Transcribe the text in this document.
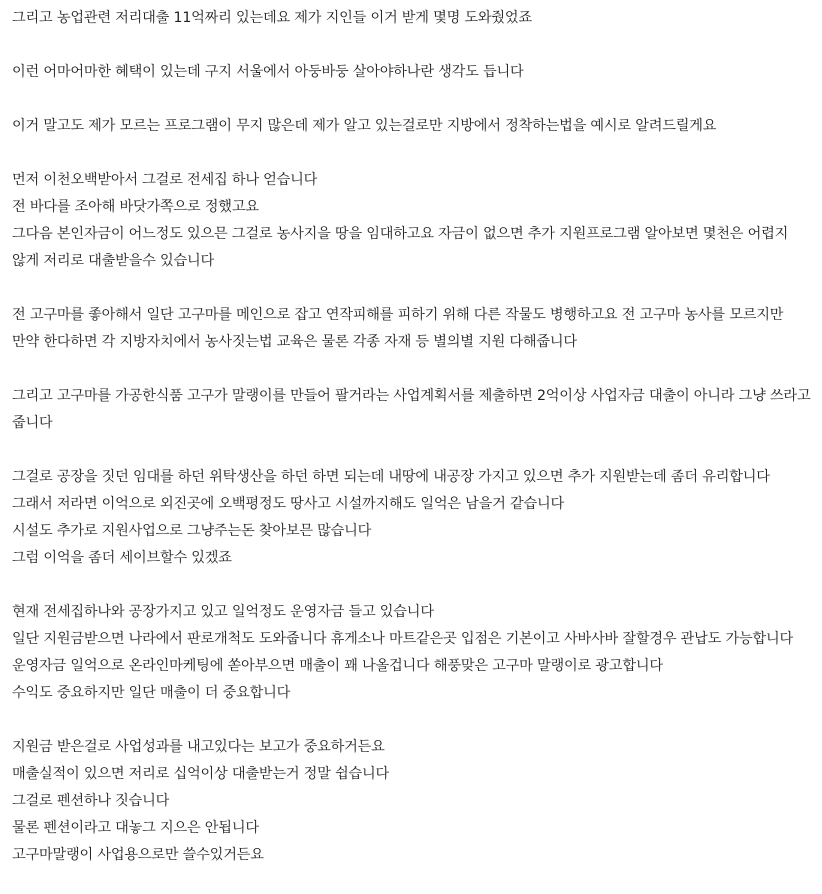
그리고 농업관련 저리대출 11억짜리 있는데요 제가 지인들 이거 받게 몇명 도와줬었죠

이런 어마어마한 혜택이 있는데 구지 서울에서 아둥바둥 살아야하나란 생각도 듭니다

이거 말고도 제가 모르는 프로그램이 무지 많은데 제가 알고 있는걸로만 지방에서 정착하는법을 예시로 알려드릴게요

먼저 이천오백받아서 그걸로 전세집 하나 얻습니다

전 바다를 조아해 바닷가쪽으로 정했고요

그다음 본인자금이 어느정도 있으믄 그걸로 농사지을 땅을 임대하고요 자금이 없으면 추가 지원프로그램 알아보면 몇천은 어렵지 않게 저리로 대출받을수 있습니다

전 고구마를 좋아해서 일단 고구마를 메인으로 잡고 연작피해를 피하기 위해 다른 작물도 병행하고요 전 고구마 농사를 모르지만 만약 한다하면 각 지방자치에서 농사짓는법 교육은 물론 각종 자재 등 별의별 지원 다해줍니다

그리고 고구마를 가공한식품 고구가 말랭이를 만들어 팔거라는 사업계획서를 제출하면 2억이상 사업자금 대출이 아니라 그냥 쓰라고 줍니다

그걸로 공장을 짓던 임대를 하던 위탁생산을 하던 하면 되는데 내땅에 내공장 가지고 있으면 추가 지원받는데 좀더 유리합니다 그래서 저라면 이억으로 외진곳에 오백평정도 땅사고 시설까지해도 일억은 남을거 같습니다

시설도 추가로 지원사업으로 그냥주는돈 찾아보믄 많습니다

그럼 이억을 좀더 세이브할수 있겠죠

현재 전세집하나와 공장가지고 있고 일억정도 운영자금 들고 있습니다

일단 지원금받으면 나라에서 판로개척도 도와줍니다 휴게소나 마트같은곳 입점은 기본이고 사바사바 잘할경우 관납도 가능합니다

운영자금 일억으로 온라인마케팅에 쏟아부으면 매출이 꽤 나올겁니다 해풍맞은 고구마 말랭이로 광고합니다

수익도 중요하지만 일단 매출이 더 중요합니다

지원금 받은걸로 사업성과를 내고있다는 보고가 중요하거든요

매출실적이 있으면 저리로 십억이상 대출받는거 정말 쉽습니다

그걸로 펜션하나 짓습니다

물론 펜션이라고 대놓그 지으은 안됩니다

고구마말랭이 사업용으로만 쓸수있거든요
